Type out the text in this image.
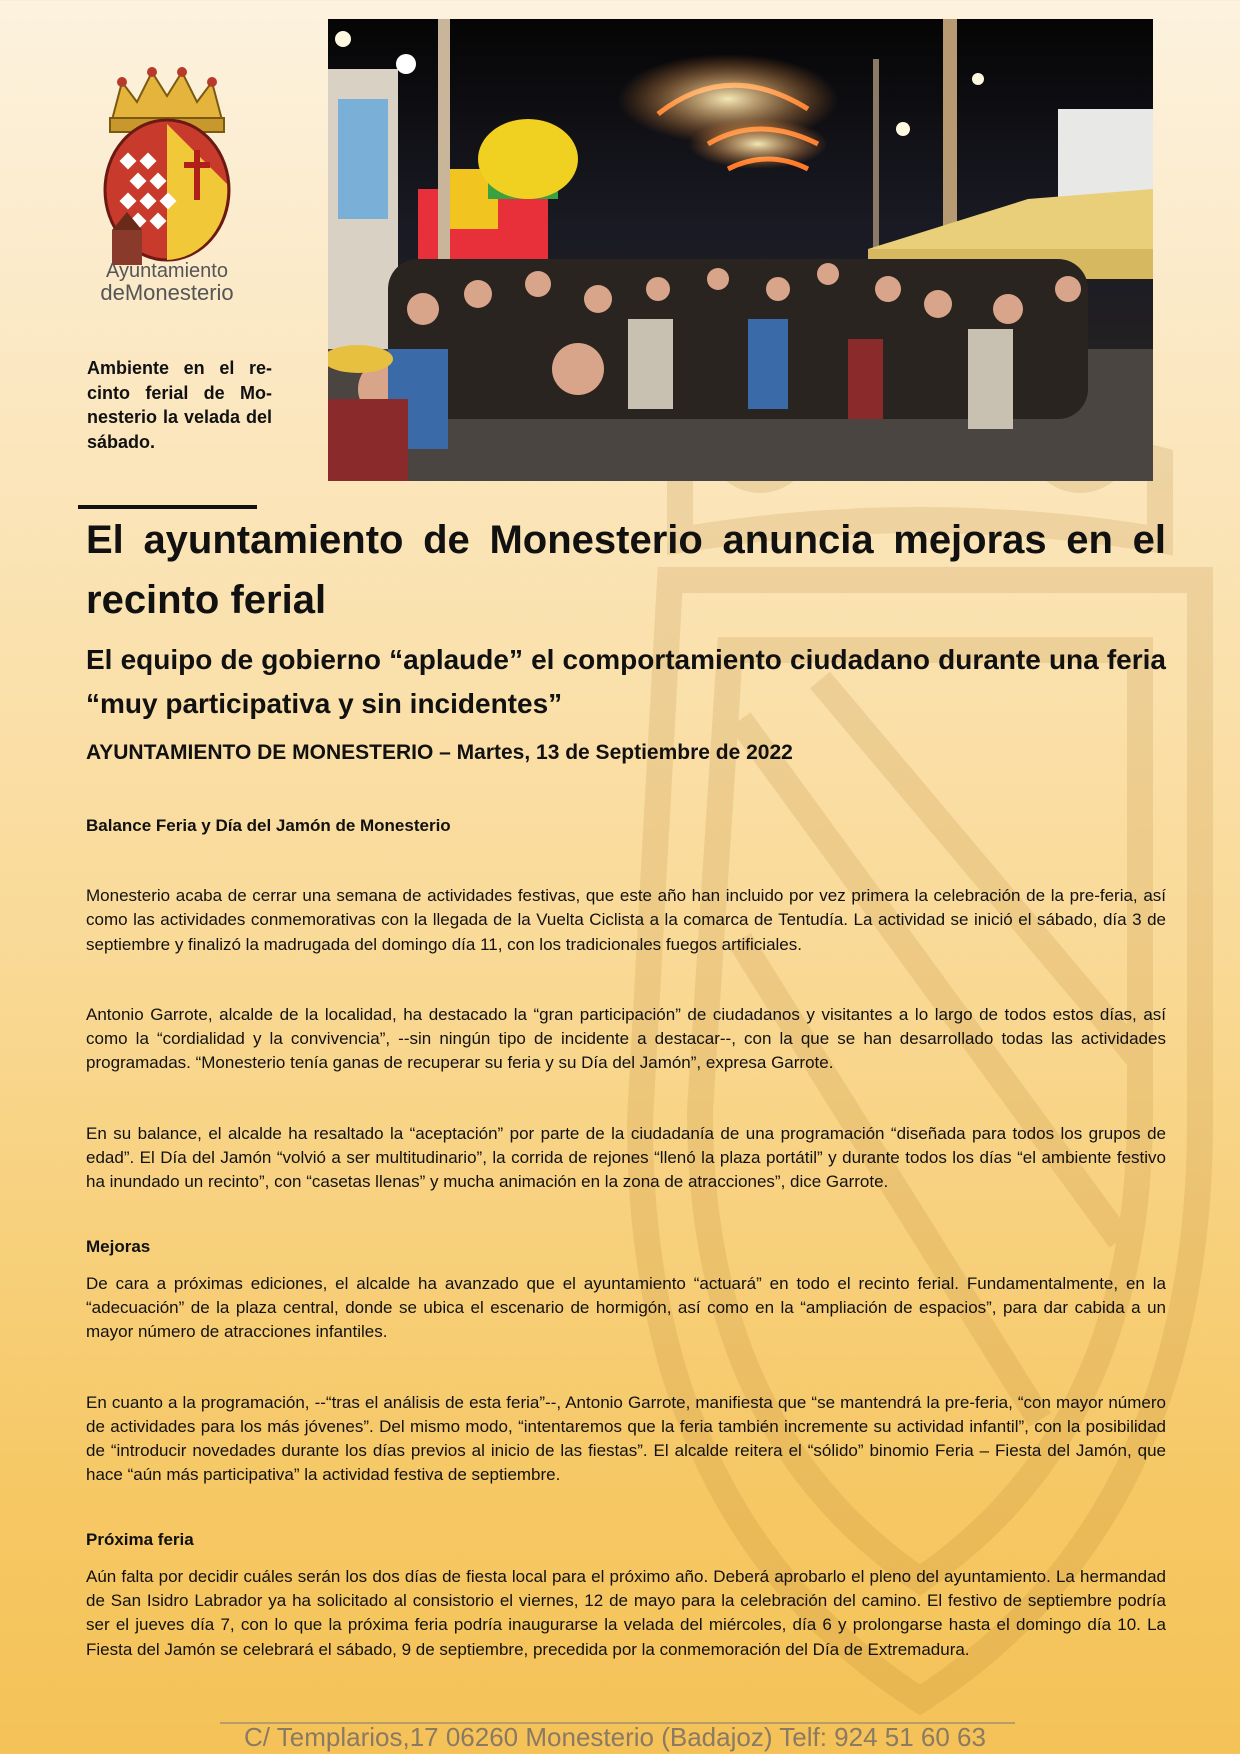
Ayuntamiento
deMonesterio
Ambiente en el recinto ferial de Monesterio la velada del sábado.
El ayuntamiento de Monesterio anuncia mejoras en el recinto ferial
El equipo de gobierno “aplaude” el comportamiento ciudadano durante una feria “muy participativa y sin incidentes”
AYUNTAMIENTO DE MONESTERIO – Martes, 13 de Septiembre de 2022
Balance Feria y Día del Jamón de Monesterio

Monesterio acaba de cerrar una semana de actividades festivas, que este año han incluido por vez primera la celebración de la pre-feria, así como las actividades conmemorativas con la llegada de la Vuelta Ciclista a la comarca de Tentudía. La actividad se inició el sábado, día 3 de septiembre y finalizó la madrugada del domingo día 11, con los tradicionales fuegos artificiales.

Antonio Garrote, alcalde de la localidad, ha destacado la “gran participación” de ciudadanos y visitantes a lo largo de todos estos días, así como la “cordialidad y la convivencia”, --sin ningún tipo de incidente a destacar--, con la que se han desarrollado todas las actividades programadas. “Monesterio tenía ganas de recuperar su feria y su Día del Jamón”, expresa Garrote.

En su balance, el alcalde ha resaltado la “aceptación” por parte de la ciudadanía de una programación “diseñada para todos los grupos de edad”. El Día del Jamón “volvió a ser multitudinario”, la corrida de rejones “llenó la plaza portátil” y durante todos los días “el ambiente festivo ha inundado un recinto”, con “casetas llenas” y mucha animación en la zona de atracciones”, dice Garrote.

Mejoras

De cara a próximas ediciones, el alcalde ha avanzado que el ayuntamiento “actuará” en todo el recinto ferial. Fundamentalmente, en la “adecuación” de la plaza central, donde se ubica el escenario de hormigón, así como en la “ampliación de espacios”, para dar cabida a un mayor número de atracciones infantiles.

En cuanto a la programación, --“tras el análisis de esta feria”--, Antonio Garrote, manifiesta que “se mantendrá la pre-feria, “con mayor número de actividades para los más jóvenes”. Del mismo modo, “intentaremos que la feria también incremente su actividad infantil”, con la posibilidad de “introducir novedades durante los días previos al inicio de las fiestas”. El alcalde reitera el “sólido” binomio Feria – Fiesta del Jamón, que hace “aún más participativa” la actividad festiva de septiembre.

Próxima feria

Aún falta por decidir cuáles serán los dos días de fiesta local para el próximo año. Deberá aprobarlo el pleno del ayuntamiento. La hermandad de San Isidro Labrador ya ha solicitado al consistorio el viernes, 12 de mayo para la celebración del camino. El festivo de septiembre podría ser el jueves día 7, con lo que la próxima feria podría inaugurarse la velada del miércoles, día 6 y prolongarse hasta el domingo día 10. La Fiesta del Jamón se celebrará el sábado, 9 de septiembre, precedida por la conmemoración del Día de Extremadura.

C/ Templarios,17 06260 Monesterio (Badajoz) Telf: 924 51 60 63
